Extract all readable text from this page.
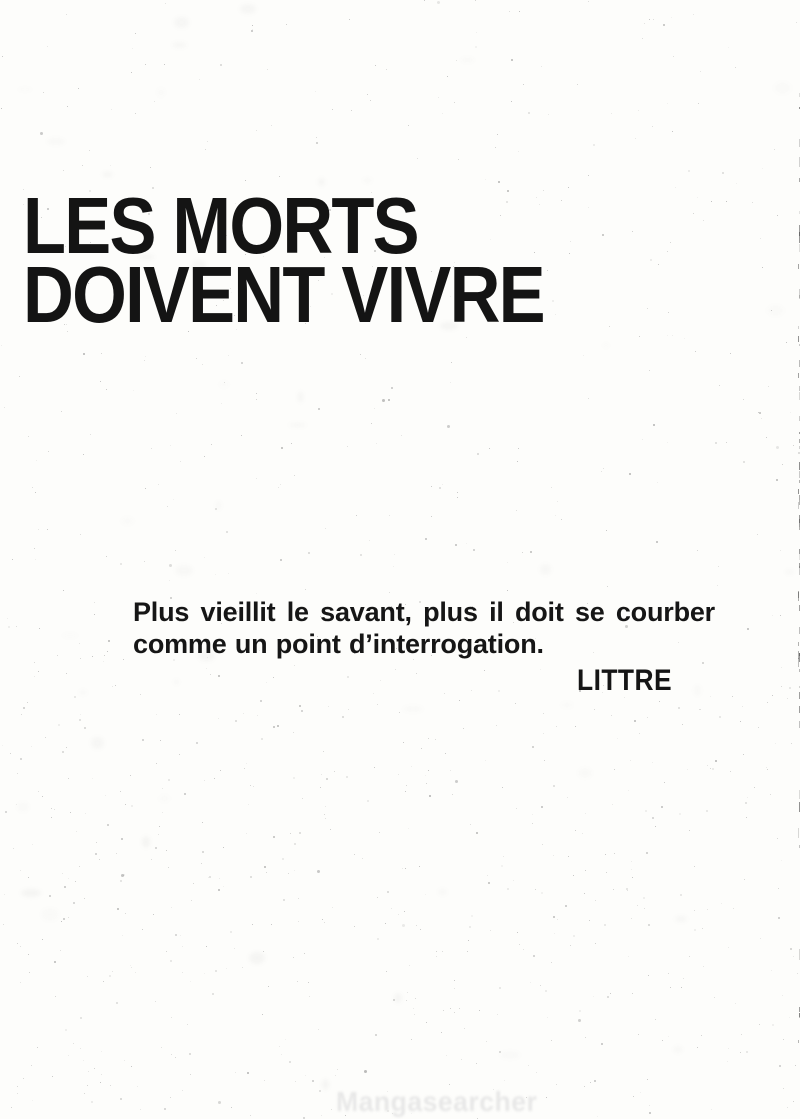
LES MORTS
DOIVENT VIVRE
Plus vieillit le savant, plus il doit se courber
comme un point d’interrogation.
LITTRE
Mangasearcher
